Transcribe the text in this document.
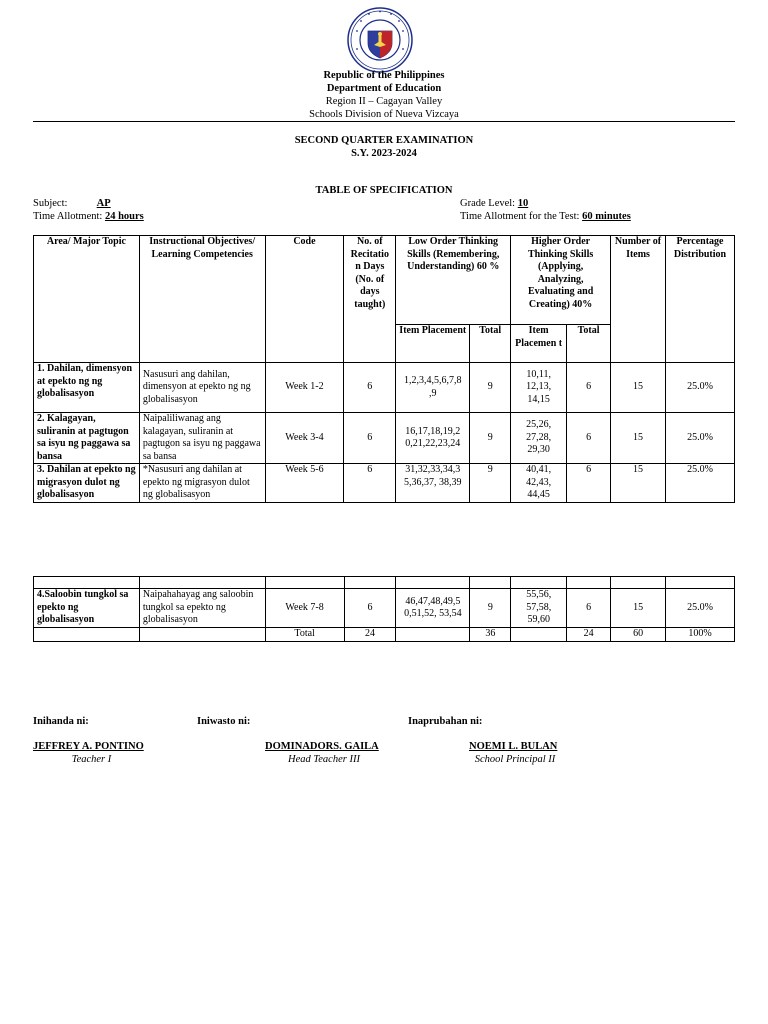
Republic of the Philippines
Department of Education
Region II – Cagayan Valley
Schools Division of Nueva Vizcaya
SECOND QUARTER EXAMINATION
S.Y. 2023-2024
TABLE OF SPECIFICATION
Subject:	AP
Time Allotment: 24 hours
Grade Level: 10
Time Allotment for the Test: 60 minutes
Area/ Major Topic	Instructional Objectives/ Learning Competencies	Code	No. of Recitatio n Days (No. of days taught)	Low Order Thinking Skills (Remembering, Understanding) 60 %		Higher Order Thinking Skills (Applying, Analyzing, Evaluating and Creating) 40%		Number of Items	Percentage Distribution
				Item Placement	Total	Item Placemen t	Total		
1. Dahilan, dimensyon at epekto ng ng globalisasyon	Nasusuri ang dahilan, dimensyon at epekto ng ng globalisasyon	Week 1-2	6	1,2,3,4,5,6,7,8 ,9	9	10,11, 12,13, 14,15	6	15	25.0%
2. Kalagayan, suliranin at pagtugon sa isyu ng paggawa sa bansa	Naipaliliwanag ang kalagayan, suliranin at pagtugon sa isyu ng paggawa sa bansa	Week 3-4	6	16,17,18,19,2 0,21,22,23,24	9	25,26, 27,28, 29,30	6	15	25.0%
3. Dahilan at epekto ng migrasyon dulot ng globalisasyon	*Nasusuri ang dahilan at epekto ng migrasyon dulot ng globalisasyon	Week 5-6	6	31,32,33,34,3 5,36,37, 38,39	9	40,41, 42,43, 44,45	6	15	25.0%

4.Saloobin tungkol sa epekto ng globalisasyon	Naipahahayag ang saloobin tungkol sa epekto ng globalisasyon	Week 7-8	6	46,47,48,49,5 0,51,52, 53,54	9	55,56, 57,58, 59,60	6	15	25.0%
		Total	24		36		24	60	100%
Inihanda ni:	Iniwasto ni:	Inaprubahan ni:
JEFFREY A. PONTINO
Teacher I
DOMINADORS. GAILA
Head Teacher III
NOEMI L. BULAN
School Principal II
